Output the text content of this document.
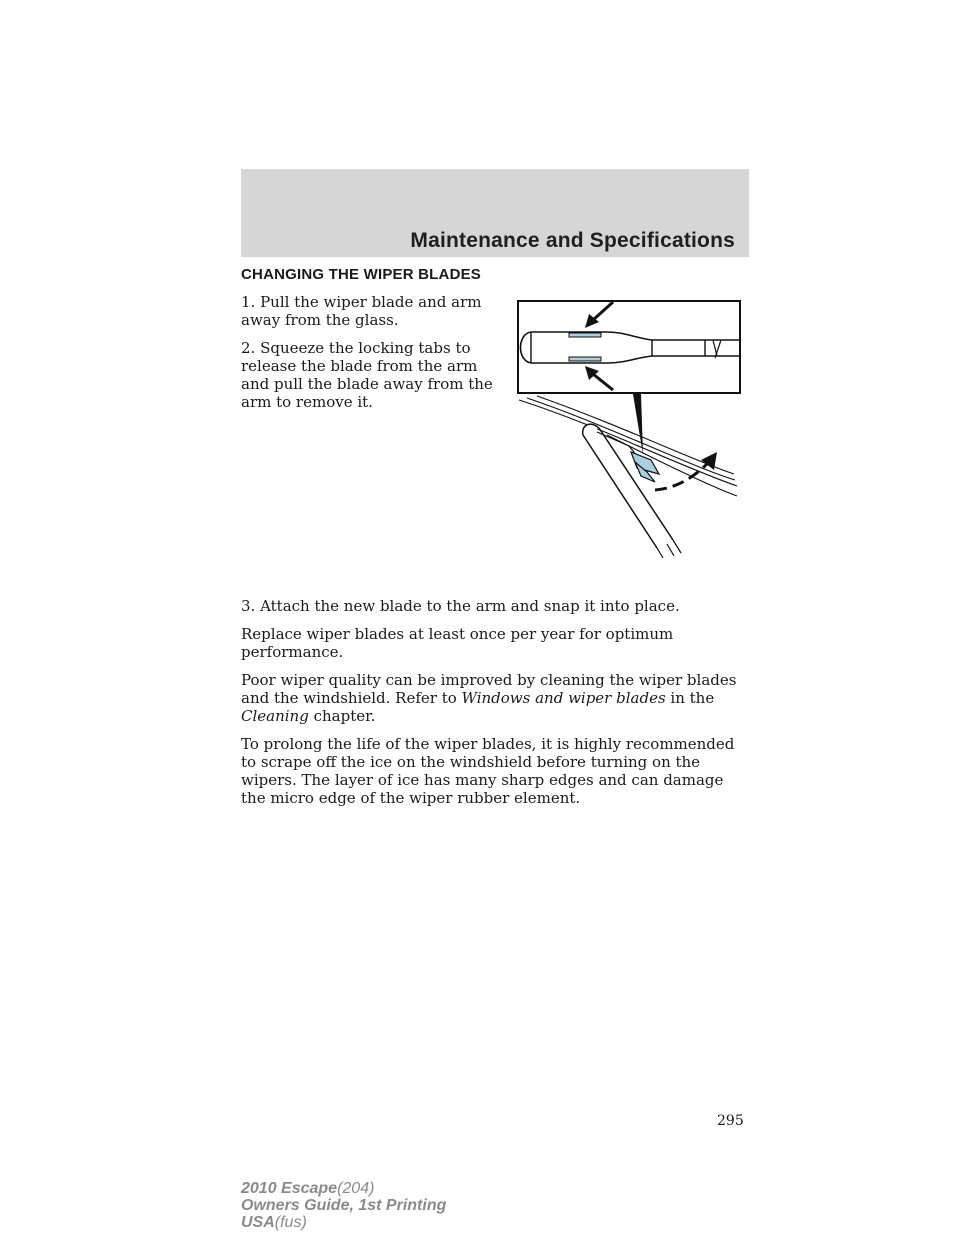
Maintenance and Specifications
CHANGING THE WIPER BLADES

1. Pull the wiper blade and arm away from the glass.

2. Squeeze the locking tabs to release the blade from the arm and pull the blade away from the arm to remove it.

3. Attach the new blade to the arm and snap it into place.

Replace wiper blades at least once per year for optimum performance.

Poor wiper quality can be improved by cleaning the wiper blades and the windshield. Refer to Windows and wiper blades in the Cleaning chapter.

To prolong the life of the wiper blades, it is highly recommended to scrape off the ice on the windshield before turning on the wipers. The layer of ice has many sharp edges and can damage the micro edge of the wiper rubber element.

295
2010 Escape(204)
Owners Guide, 1st Printing
USA(fus)
